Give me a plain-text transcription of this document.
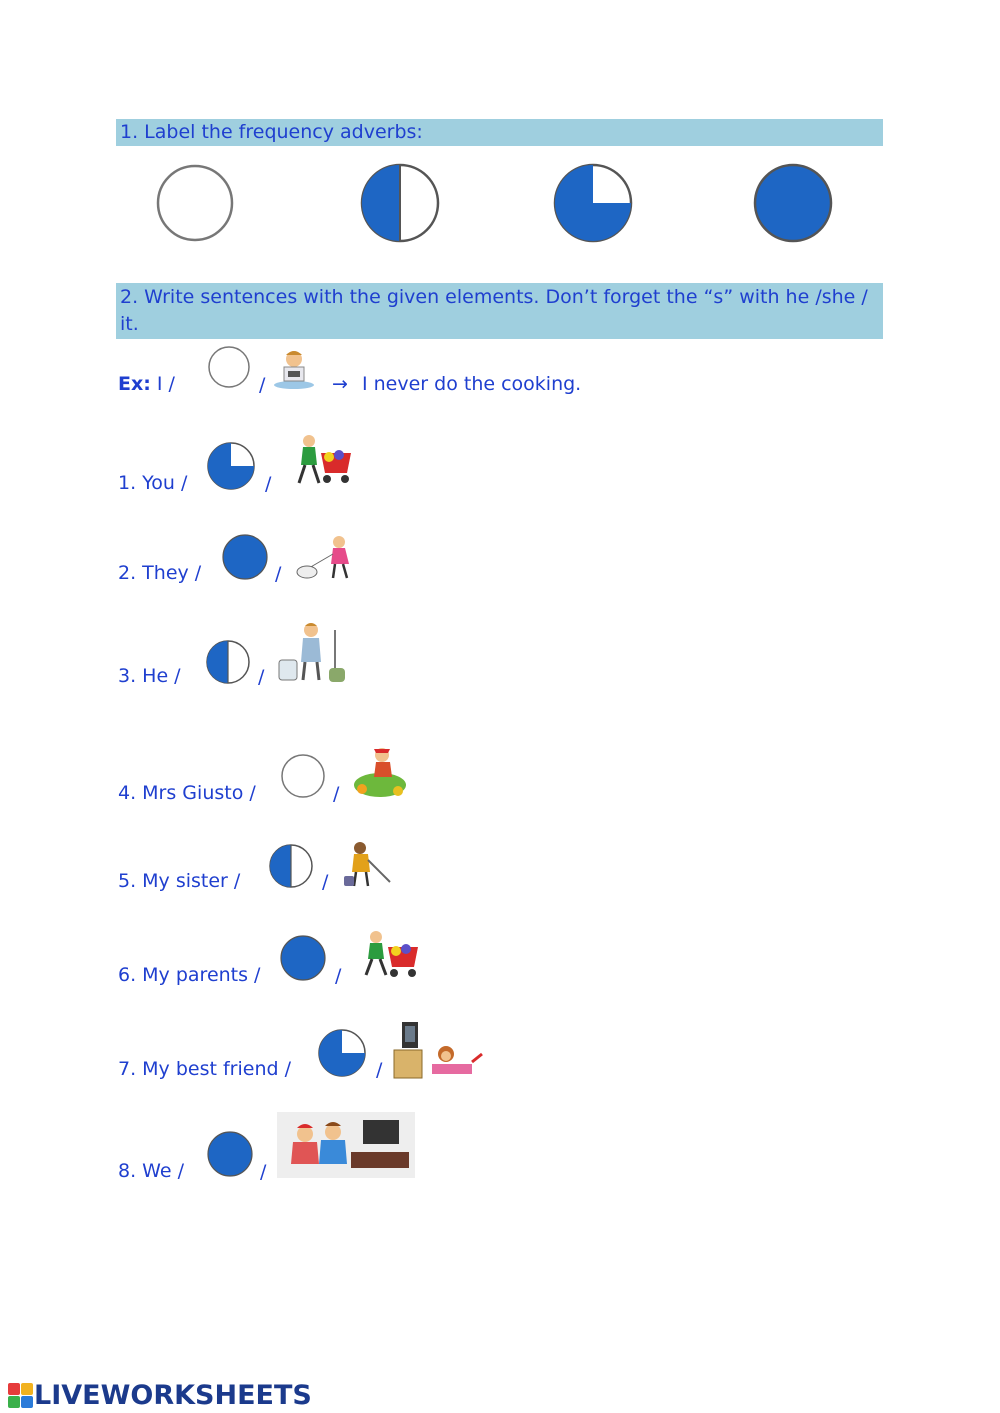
1. Label the frequency adverbs:
2. Write sentences with the given elements. Don’t forget the “s” with he /she / it.
Ex: I /	/	→ I never do the cooking.
1. You /	/
2. They /	/
3. He /	/
4. Mrs Giusto /	/
5. My sister /	/
6. My parents /	/
7. My best friend /	/
8. We /	/
LIVEWORKSHEETS
